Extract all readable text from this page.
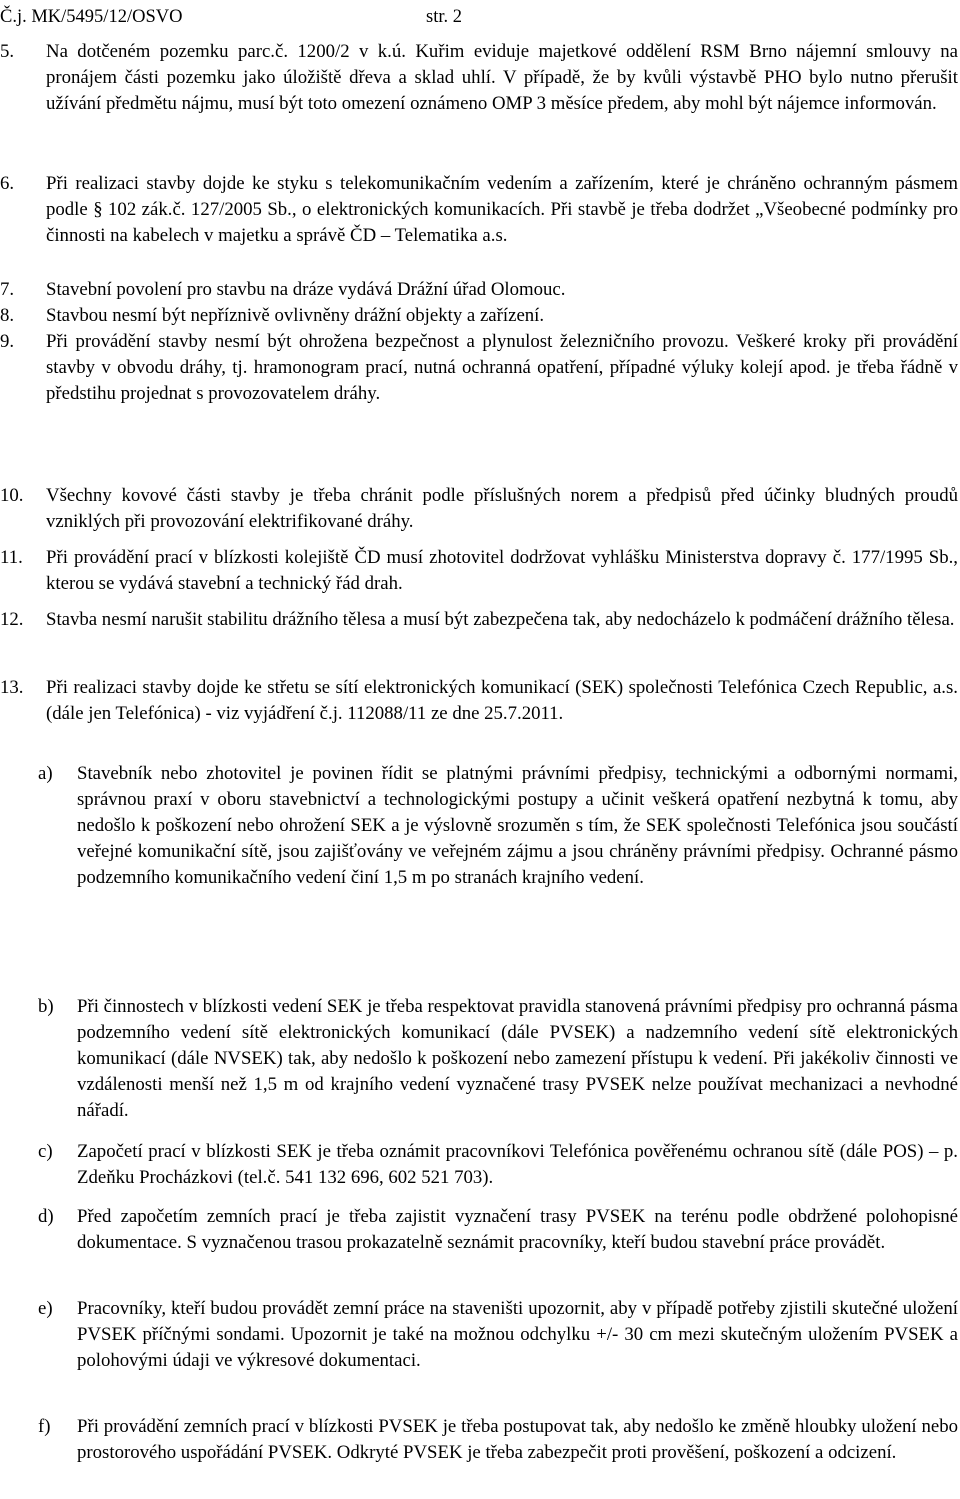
Č.j. MK/5495/12/OSVO	str. 2
5. Na dotčeném pozemku parc.č. 1200/2 v k.ú. Kuřim eviduje majetkové oddělení RSM Brno nájemní smlouvy na pronájem části pozemku jako úložiště dřeva a sklad uhlí. V případě, že by kvůli výstavbě PHO bylo nutno přerušit užívání předmětu nájmu, musí být toto omezení oznámeno OMP 3 měsíce předem, aby mohl být nájemce informován.
6. Při realizaci stavby dojde ke styku s telekomunikačním vedením a zařízením, které je chráněno ochranným pásmem podle § 102 zák.č. 127/2005 Sb., o elektronických komunikacích. Při stavbě je třeba dodržet „Všeobecné podmínky pro činnosti na kabelech v majetku a správě ČD – Telematika a.s.
7. Stavební povolení pro stavbu na dráze vydává Drážní úřad Olomouc.
8. Stavbou nesmí být nepříznivě ovlivněny drážní objekty a zařízení.
9. Při provádění stavby nesmí být ohrožena bezpečnost a plynulost železničního provozu. Veškeré kroky při provádění stavby v obvodu dráhy, tj. hramonogram prací, nutná ochranná opatření, případné výluky kolejí apod. je třeba řádně v předstihu projednat s provozovatelem dráhy.
10. Všechny kovové části stavby je třeba chránit podle příslušných norem a předpisů před účinky bludných proudů vzniklých při provozování elektrifikované dráhy.
11. Při provádění prací v blízkosti kolejiště ČD musí zhotovitel dodržovat vyhlášku Ministerstva dopravy č. 177/1995 Sb., kterou se vydává stavební a technický řád drah.
12. Stavba nesmí narušit stabilitu drážního tělesa a musí být zabezpečena tak, aby nedocházelo k podmáčení drážního tělesa.
13. Při realizaci stavby dojde ke střetu se sítí elektronických komunikací (SEK) společnosti Telefónica Czech Republic, a.s. (dále jen Telefónica) - viz vyjádření č.j. 112088/11 ze dne 25.7.2011.
a) Stavebník nebo zhotovitel je povinen řídit se platnými právními předpisy, technickými a odbornými normami, správnou praxí v oboru stavebnictví a technologickými postupy a učinit veškerá opatření nezbytná k tomu, aby nedošlo k poškození nebo ohrožení SEK a je výslovně srozuměn s tím, že SEK společnosti Telefónica jsou součástí veřejné komunikační sítě, jsou zajišťovány ve veřejném zájmu a jsou chráněny právními předpisy. Ochranné pásmo podzemního komunikačního vedení činí 1,5 m po stranách krajního vedení.
b) Při činnostech v blízkosti vedení SEK je třeba respektovat pravidla stanovená právními předpisy pro ochranná pásma podzemního vedení sítě elektronických komunikací (dále PVSEK) a nadzemního vedení sítě elektronických komunikací (dále NVSEK) tak, aby nedošlo k poškození nebo zamezení přístupu k vedení. Při jakékoliv činnosti ve vzdálenosti menší než 1,5 m od krajního vedení vyznačené trasy PVSEK nelze používat mechanizaci a nevhodné nářadí.
c) Započetí prací v blízkosti SEK je třeba oznámit pracovníkovi Telefónica pověřenému ochranou sítě (dále POS) – p. Zdeňku Procházkovi (tel.č. 541 132 696, 602 521 703).
d) Před započetím zemních prací je třeba zajistit vyznačení trasy PVSEK na terénu podle obdržené polohopisné dokumentace. S vyznačenou trasou prokazatelně seznámit pracovníky, kteří budou stavební práce provádět.
e) Pracovníky, kteří budou provádět zemní práce na staveništi upozornit, aby v případě potřeby zjistili skutečné uložení PVSEK příčnými sondami. Upozornit je také na možnou odchylku +/- 30 cm mezi skutečným uložením PVSEK a polohovými údaji ve výkresové dokumentaci.
f) Při provádění zemních prací v blízkosti PVSEK je třeba postupovat tak, aby nedošlo ke změně hloubky uložení nebo prostorového uspořádání PVSEK. Odkryté PVSEK je třeba zabezpečit proti prověšení, poškození a odcizení.
